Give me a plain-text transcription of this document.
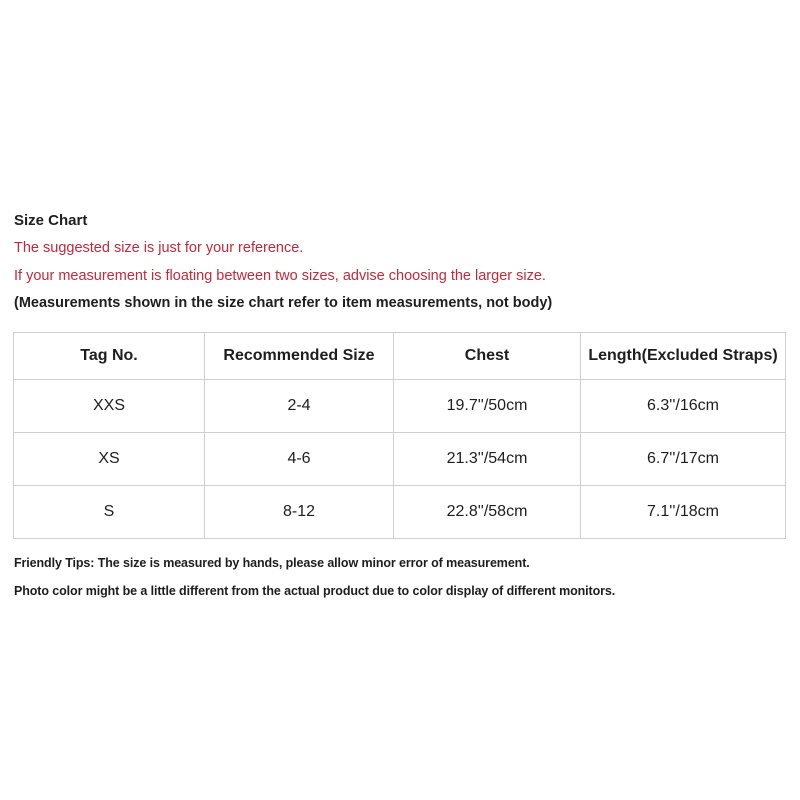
Size Chart

The suggested size is just for your reference.

If your measurement is floating between two sizes, advise choosing the larger size.

(Measurements shown in the size chart refer to item measurements, not body)

Tag No.	Recommended Size	Chest	Length(Excluded Straps)
XXS	2-4	19.7''/50cm	6.3''/16cm
XS	4-6	21.3''/54cm	6.7''/17cm
S	8-12	22.8''/58cm	7.1''/18cm

Friendly Tips: The size is measured by hands, please allow minor error of measurement.

Photo color might be a little different from the actual product due to color display of different monitors.
